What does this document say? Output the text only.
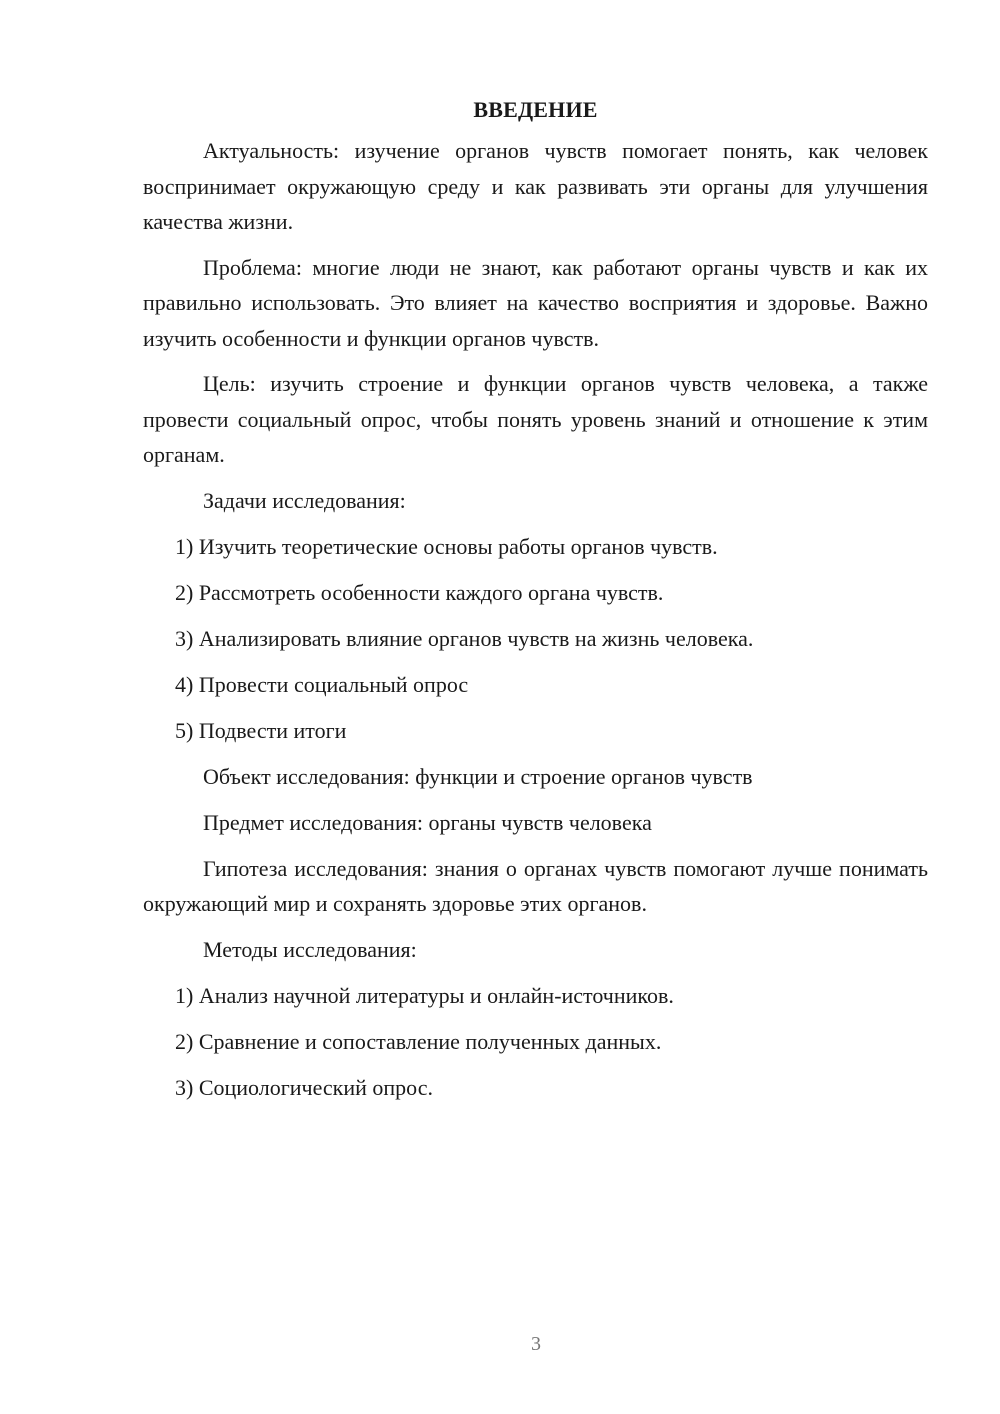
ВВЕДЕНИЕ

Актуальность: изучение органов чувств помогает понять, как человек воспринимает окружающую среду и как развивать эти органы для улучшения качества жизни.

Проблема: многие люди не знают, как работают органы чувств и как их правильно использовать. Это влияет на качество восприятия и здоровье. Важно изучить особенности и функции органов чувств.

Цель: изучить строение и функции органов чувств человека, а также провести социальный опрос, чтобы понять уровень знаний и отношение к этим органам.

Задачи исследования:
1) Изучить теоретические основы работы органов чувств.
2) Рассмотреть особенности каждого органа чувств.
3) Анализировать влияние органов чувств на жизнь человека.
4) Провести социальный опрос
5) Подвести итоги
Объект исследования: функции и строение органов чувств
Предмет исследования: органы чувств человека

Гипотеза исследования: знания о органах чувств помогают лучше понимать окружающий мир и сохранять здоровье этих органов.

Методы исследования:
1) Анализ научной литературы и онлайн-источников.
2) Сравнение и сопоставление полученных данных.
3) Социологический опрос.
3
